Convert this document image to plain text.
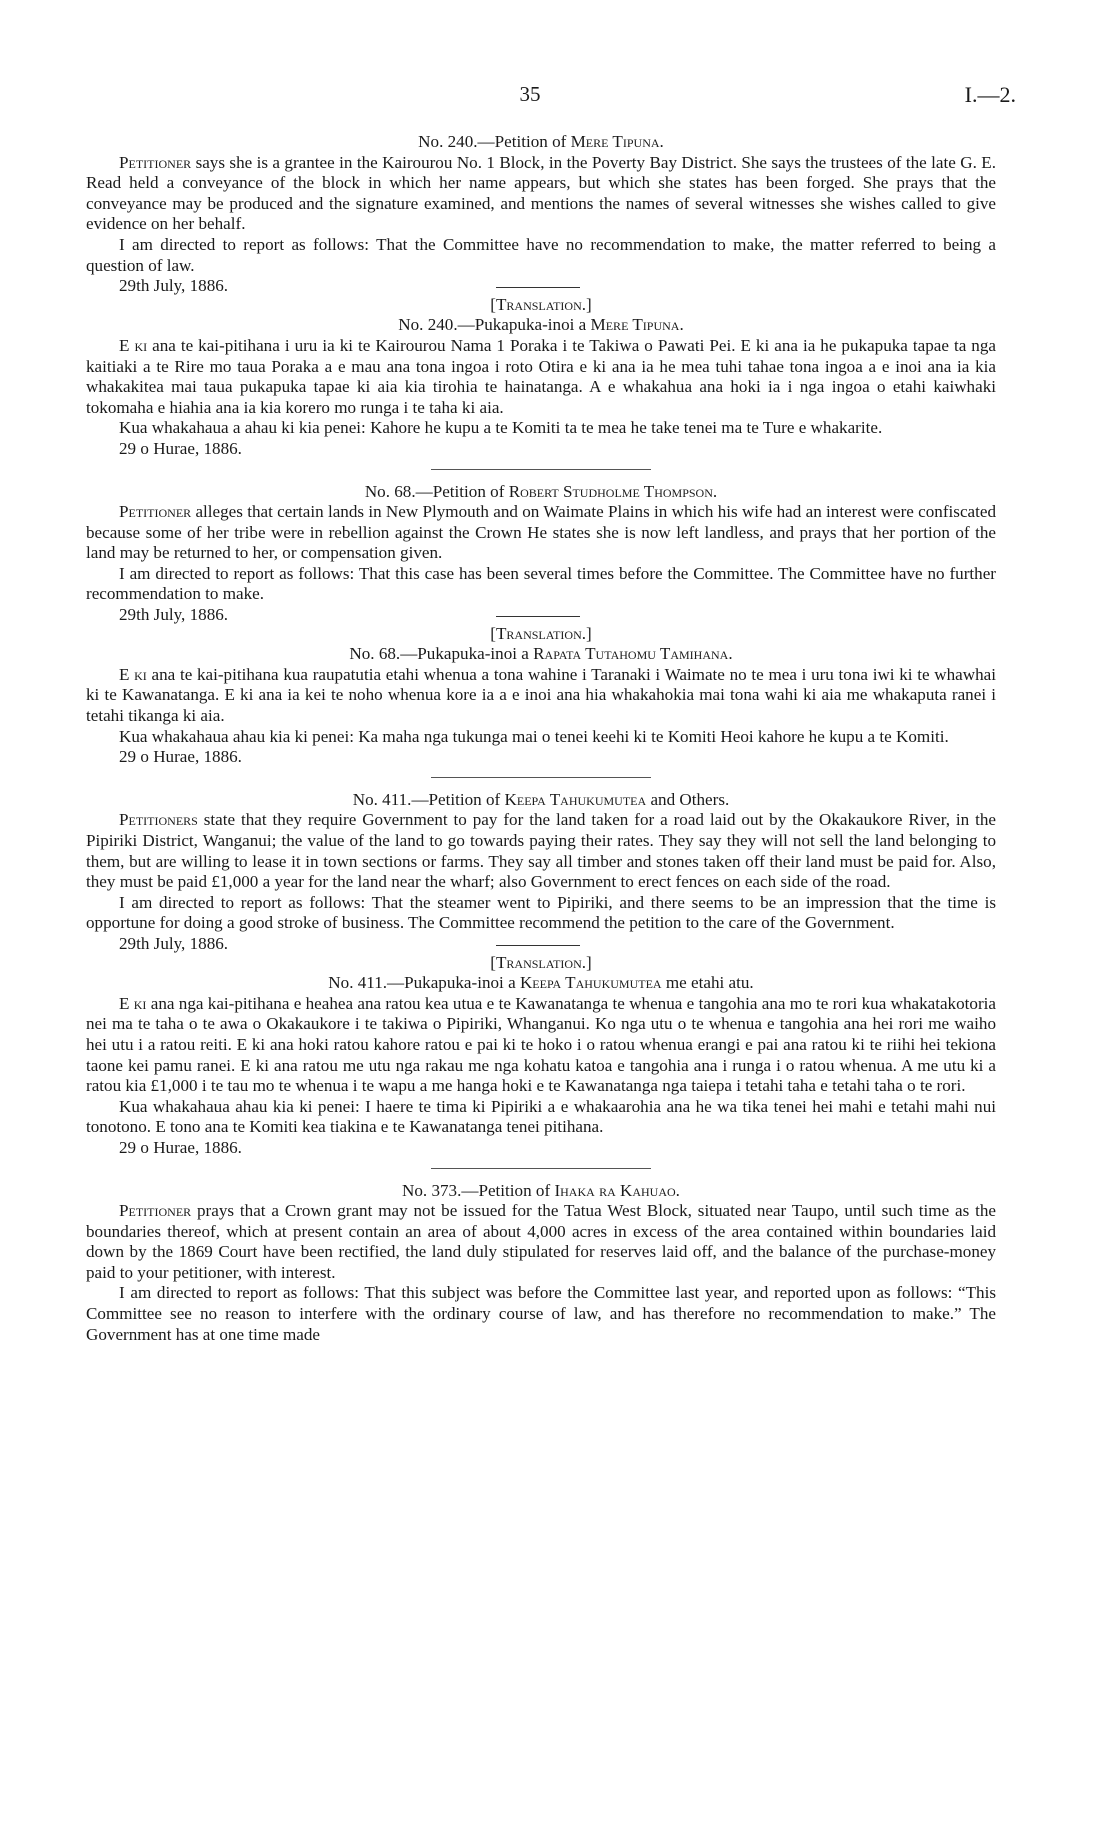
35	I.—2.

No. 240.—Petition of Mere Tipuna.

Petitioner says she is a grantee in the Kairourou No. 1 Block, in the Poverty Bay District. She says the trustees of the late G. E. Read held a conveyance of the block in which her name appears, but which she states has been forged. She prays that the conveyance may be produced and the signature examined, and mentions the names of several witnesses she wishes called to give evidence on her behalf.

I am directed to report as follows: That the Committee have no recommendation to make, the matter referred to being a question of law.

29th July, 1886.

[Translation.]

No. 240.—Pukapuka-inoi a Mere Tipuna.

E ki ana te kai-pitihana i uru ia ki te Kairourou Nama 1 Poraka i te Takiwa o Pawati Pei. E ki ana ia he pukapuka tapae ta nga kaitiaki a te Rire mo taua Poraka a e mau ana tona ingoa i roto Otira e ki ana ia he mea tuhi tahae tona ingoa a e inoi ana ia kia whakakitea mai taua pukapuka tapae ki aia kia tirohia te hainatanga. A e whakahua ana hoki ia i nga ingoa o etahi kaiwhaki tokomaha e hiahia ana ia kia korero mo runga i te taha ki aia.

Kua whakahaua a ahau ki kia penei: Kahore he kupu a te Komiti ta te mea he take tenei ma te Ture e whakarite.

29 o Hurae, 1886.

No. 68.—Petition of Robert Studholme Thompson.

Petitioner alleges that certain lands in New Plymouth and on Waimate Plains in which his wife had an interest were confiscated because some of her tribe were in rebellion against the Crown He states she is now left landless, and prays that her portion of the land may be returned to her, or compensation given.

I am directed to report as follows: That this case has been several times before the Committee. The Committee have no further recommendation to make.

29th July, 1886.

[Translation.]

No. 68.—Pukapuka-inoi a Rapata Tutahomu Tamihana.

E ki ana te kai-pitihana kua raupatutia etahi whenua a tona wahine i Taranaki i Waimate no te mea i uru tona iwi ki te whawhai ki te Kawanatanga. E ki ana ia kei te noho whenua kore ia a e inoi ana hia whakahokia mai tona wahi ki aia me whakaputa ranei i tetahi tikanga ki aia.

Kua whakahaua ahau kia ki penei: Ka maha nga tukunga mai o tenei keehi ki te Komiti Heoi kahore he kupu a te Komiti.

29 o Hurae, 1886.

No. 411.—Petition of Keepa Tahukumutea and Others.

Petitioners state that they require Government to pay for the land taken for a road laid out by the Okakaukore River, in the Pipiriki District, Wanganui; the value of the land to go towards paying their rates. They say they will not sell the land belonging to them, but are willing to lease it in town sections or farms. They say all timber and stones taken off their land must be paid for. Also, they must be paid £1,000 a year for the land near the wharf; also Government to erect fences on each side of the road.

I am directed to report as follows: That the steamer went to Pipiriki, and there seems to be an impression that the time is opportune for doing a good stroke of business. The Committee recommend the petition to the care of the Government.

29th July, 1886.

[Translation.]

No. 411.—Pukapuka-inoi a Keepa Tahukumutea me etahi atu.

E ki ana nga kai-pitihana e heahea ana ratou kea utua e te Kawanatanga te whenua e tangohia ana mo te rori kua whakatakotoria nei ma te taha o te awa o Okakaukore i te takiwa o Pipiriki, Whanganui. Ko nga utu o te whenua e tangohia ana hei rori me waiho hei utu i a ratou reiti. E ki ana hoki ratou kahore ratou e pai ki te hoko i o ratou whenua erangi e pai ana ratou ki te riihi hei tekiona taone kei pamu ranei. E ki ana ratou me utu nga rakau me nga kohatu katoa e tangohia ana i runga i o ratou whenua. A me utu ki a ratou kia £1,000 i te tau mo te whenua i te wapu a me hanga hoki e te Kawanatanga nga taiepa i tetahi taha e tetahi taha o te rori.

Kua whakahaua ahau kia ki penei: I haere te tima ki Pipiriki a e whakaarohia ana he wa tika tenei hei mahi e tetahi mahi nui tonotono. E tono ana te Komiti kea tiakina e te Kawanatanga tenei pitihana.

29 o Hurae, 1886.

No. 373.—Petition of Ihaka ra Kahuao.

Petitioner prays that a Crown grant may not be issued for the Tatua West Block, situated near Taupo, until such time as the boundaries thereof, which at present contain an area of about 4,000 acres in excess of the area contained within boundaries laid down by the 1869 Court have been rectified, the land duly stipulated for reserves laid off, and the balance of the purchase-money paid to your petitioner, with interest.

I am directed to report as follows: That this subject was before the Committee last year, and reported upon as follows: “This Committee see no reason to interfere with the ordinary course of law, and has therefore no recommendation to make.” The Government has at one time made
